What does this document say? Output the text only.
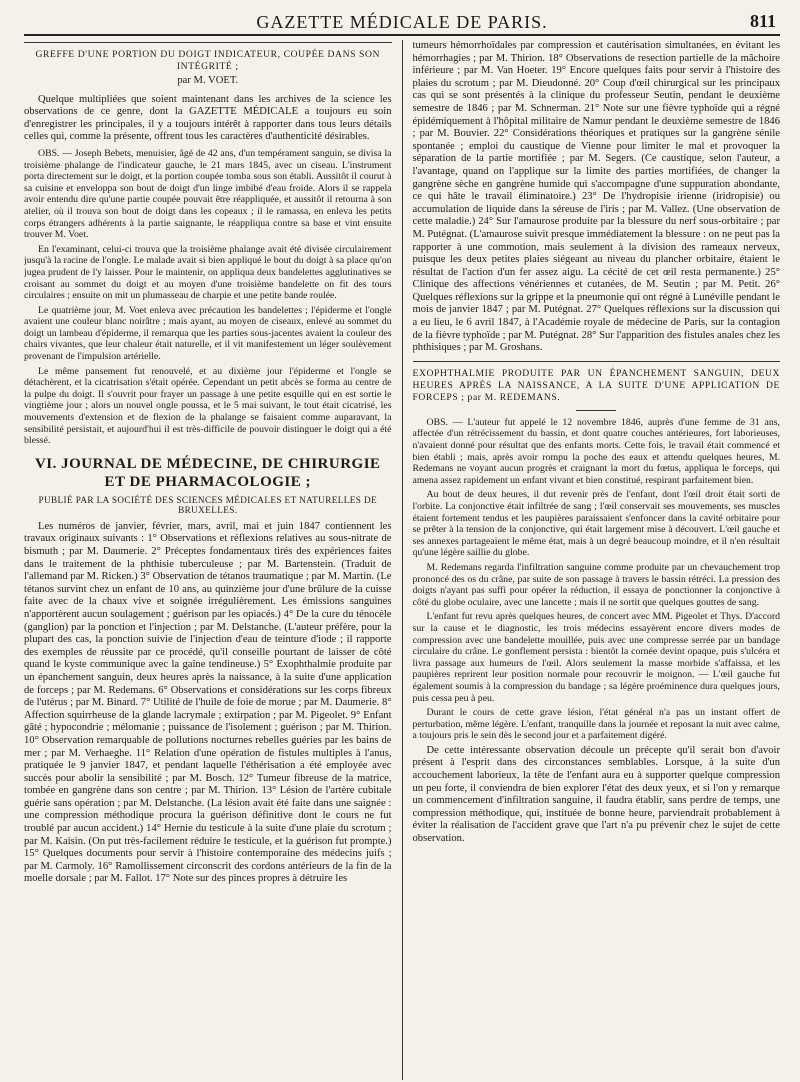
GAZETTE MÉDICALE DE PARIS.	811

GREFFE D'UNE PORTION DU DOIGT INDICATEUR, COUPÉE DANS SON INTÉGRITÉ ;

par M. VOET.

Quelque multipliées que soient maintenant dans les archives de la science les observations de ce genre, dont la GAZETTE MÉDICALE a toujours eu soin d'enregistrer les principales, il y a toujours intérêt à rapporter dans tous leurs détails celles qui, comme la présente, offrent tous les caractères d'authenticité désirables.

OBS. — Joseph Bebets, menuisier, âgé de 42 ans, d'un tempérament sanguin, se divisa la troisième phalange de l'indicateur gauche, le 21 mars 1845, avec un ciseau. L'instrument porta directement sur le doigt, et la portion coupée tomba sous son établi. Aussitôt il courut à sa cuisine et enveloppa son bout de doigt d'un linge imbibé d'eau froide. Alors il se rappela avoir entendu dire qu'une partie coupée pouvait être réappliquée, et aussitôt il retourna à son atelier, où il trouva son bout de doigt dans les copeaux ; il le ramassa, en enleva les petits corps étrangers adhérents à la partie saignante, le réappliqua contre sa base et vint ensuite trouver M. Voet.

En l'examinant, celui-ci trouva que la troisième phalange avait été divisée circulairement jusqu'à la racine de l'ongle. Le malade avait si bien appliqué le bout du doigt à sa place qu'on jugea prudent de l'y laisser. Pour le maintenir, on appliqua deux bandelettes agglutinatives se croisant au sommet du doigt et au moyen d'une troisième bandelette on fit des tours circulaires ; ensuite on mit un plumasseau de charpie et une petite bande roulée.

Le quatrième jour, M. Voet enleva avec précaution les bandelettes ; l'épiderme et l'ongle avaient une couleur blanc noirâtre ; mais ayant, au moyen de ciseaux, enlevé au sommet du doigt un lambeau d'épiderme, il remarqua que les parties sous-jacentes avaient la couleur des chairs vivantes, que leur chaleur était naturelle, et il vit manifestement un léger soulèvement provenant de l'impulsion artérielle.

Le même pansement fut renouvelé, et au dixième jour l'épiderme et l'ongle se détachèrent, et la cicatrisation s'était opérée. Cependant un petit abcès se forma au centre de la pulpe du doigt. Il s'ouvrit pour frayer un passage à une petite esquille qui en est sortie le vingtième jour ; alors un nouvel ongle poussa, et le 5 mai suivant, le tout était cicatrisé, les mouvements d'extension et de flexion de la phalange se faisaient comme auparavant, la sensibilité persistait, et aujourd'hui il est très-difficile de pouvoir distinguer le doigt qui a été blessé.

VI. JOURNAL DE MÉDECINE, DE CHIRURGIE ET DE PHARMACOLOGIE ;
PUBLIÉ PAR LA SOCIÉTÉ DES SCIENCES MÉDICALES ET NATURELLES DE BRUXELLES.

Les numéros de janvier, février, mars, avril, mai et juin 1847 contiennent les travaux originaux suivants : 1° Observations et réflexions relatives au sous-nitrate de bismuth ; par M. Daumerie. 2° Préceptes fondamentaux tirés des expériences faites dans le traitement de la phthisie tuberculeuse ; par M. Bartenstein. (Traduit de l'allemand par M. Ricken.) 3° Observation de tétanos traumatique ; par M. Martin. (Le tétanos survint chez un enfant de 10 ans, au quinzième jour d'une brûlure de la cuisse faite avec de la chaux vive et soignée irrégulièrement. Les émissions sanguines n'apportèrent aucun soulagement ; guérison par les opiacés.) 4° De la cure du ténocèle (ganglion) par la ponction et l'injection ; par M. Delstanche. (L'auteur préfère, pour la plupart des cas, la ponction suivie de l'injection d'eau de teinture d'iode ; il rapporte des exemples de réussite par ce procédé, qu'il conseille pourtant de laisser de côté quand le kyste communique avec la gaîne tendineuse.) 5° Exophthalmie produite par un épanchement sanguin, deux heures après la naissance, à la suite d'une application de forceps ; par M. Redemans. 6° Observations et considérations sur les corps fibreux de l'utérus ; par M. Binard. 7° Utilité de l'huile de foie de morue ; par M. Daumerie. 8° Affection squirrheuse de la glande lacrymale ; extirpation ; par M. Pigeolet. 9° Enfant gâté ; hypocondrie ; mélomanie ; puissance de l'isolement ; guérison ; par M. Thirion. 10° Observation remarquable de pollutions nocturnes rebelles guéries par les bains de mer ; par M. Verhaeghe. 11° Relation d'une opération de fistules multiples à l'anus, pratiquée le 9 janvier 1847, et pendant laquelle l'éthérisation a été employée avec succès pour abolir la sensibilité ; par M. Bosch. 12° Tumeur fibreuse de la matrice, tombée en gangrène dans son centre ; par M. Thirion. 13° Lésion de l'artère cubitale guérie sans opération ; par M. Delstanche. (La lésion avait été faite dans une saignée : une compression méthodique procura la guérison définitive dont le cours ne fut troublé par aucun accident.) 14° Hernie du testicule à la suite d'une plaie du scrotum ; par M. Kaisin. (On put très-facilement réduire le testicule, et la guérison fut prompte.) 15° Quelques documents pour servir à l'histoire contemporaine des médecins juifs ; par M. Carmoly. 16° Ramollissement circonscrit des cordons antérieurs de la fin de la moelle dorsale ; par M. Fallot. 17° Note sur des pinces propres à détruire les

tumeurs hémorrhoïdales par compression et cautérisation simultanées, en évitant les hémorrhagies ; par M. Thirion. 18° Observations de resection partielle de la mâchoire inférieure ; par M. Van Hoeter. 19° Encore quelques faits pour servir à l'histoire des plaies du scrotum ; par M. Dieudonné. 20° Coup d'œil chirurgical sur les principaux cas qui se sont présentés à la clinique du professeur Seutin, pendant le deuxième semestre de 1846 ; par M. Schnerman. 21° Note sur une fièvre typhoïde qui a régné épidémiquement à l'hôpital militaire de Namur pendant le deuxième semestre de 1846 ; par M. Bouvier. 22° Considérations théoriques et pratiques sur la gangrène sénile spontanée ; emploi du caustique de Vienne pour limiter le mal et provoquer la séparation de la partie mortifiée ; par M. Segers. (Ce caustique, selon l'auteur, a l'avantage, quand on l'applique sur la limite des parties mortifiées, de changer la gangrène sèche en gangrène humide qui s'accompagne d'une suppuration abondante, ce qui hâte le travail éliminatoire.) 23° De l'hydropisie irienne (iridropisie) ou accumulation de liquide dans la séreuse de l'iris ; par M. Vallez. (Une observation de cette maladie.) 24° Sur l'amaurose produite par la blessure du nerf sous-orbitaire ; par M. Putégnat. (L'amaurose suivit presque immédiatement la blessure : on ne peut pas la rapporter à une commotion, mais seulement à la division des rameaux nerveux, puisque les deux petites plaies siégeant au niveau du plancher orbitaire, étaient le résultat de l'action d'un fer assez aigu. La cécité de cet œil resta permanente.) 25° Clinique des affections vénériennes et cutanées, de M. Seutin ; par M. Petit. 26° Quelques réflexions sur la grippe et la pneumonie qui ont régné à Lunéville pendant le mois de janvier 1847 ; par M. Putégnat. 27° Quelques réflexions sur la discussion qui a eu lieu, le 6 avril 1847, à l'Académie royale de médecine de Paris, sur la contagion de la fièvre typhoïde ; par M. Putégnat. 28° Sur l'apparition des fistules anales chez les phthisiques ; par M. Groshans.

EXOPHTHALMIE PRODUITE PAR UN ÉPANCHEMENT SANGUIN, DEUX HEURES APRÈS LA NAISSANCE, A LA SUITE D'UNE APPLICATION DE FORCEPS ; par M. REDEMANS.

OBS. — L'auteur fut appelé le 12 novembre 1846, auprès d'une femme de 31 ans, affectée d'un rétrécissement du bassin, et dont quatre couches antérieures, fort laborieuses, n'avaient donné pour résultat que des enfants morts. Cette fois, le travail était commencé et bien établi ; mais, après avoir rompu la poche des eaux et attendu quelques heures, M. Redemans ne voyant aucun progrès et craignant la mort du fœtus, appliqua le forceps, qui amena assez rapidement un enfant vivant et bien constitué, respirant parfaitement bien.

Au bout de deux heures, il dut revenir près de l'enfant, dont l'œil droit était sorti de l'orbite. La conjonctive était infiltrée de sang ; l'œil conservait ses mouvements, ses muscles étaient fortement tendus et les paupières paraissaient s'enfoncer dans la cavité orbitaire pour se prêter à la tension de la conjonctive, qui était largement mise à découvert. L'œil gauche et ses annexes partageaient le même état, mais à un degré beaucoup moindre, et il n'en résultait qu'une légère saillie du globe.

M. Redemans regarda l'infiltration sanguine comme produite par un chevauchement trop prononcé des os du crâne, par suite de son passage à travers le bassin rétréci. La pression des doigts n'ayant pas suffi pour opérer la réduction, il essaya de ponctionner la conjonctive à côté du globe oculaire, avec une lancette ; mais il ne sortit que quelques gouttes de sang.

L'enfant fut revu après quelques heures, de concert avec MM. Pigeolet et Thys. D'accord sur la cause et le diagnostic, les trois médecins essayèrent encore divers modes de compression avec une bandelette mouillée, puis avec une compresse serrée par un bandage circulaire du crâne. Le gonflement persista : bientôt la cornée devint opaque, puis s'ulcéra et livra passage aux humeurs de l'œil. Alors seulement la masse morbide s'affaissa, et les paupières reprirent leur position normale pour recouvrir le moignon. — L'œil gauche fut également soumis à la compression du bandage ; sa légère proéminence dura quelques jours, puis cessa peu à peu.

Durant le cours de cette grave lésion, l'état général n'a pas un instant offert de perturbation, même légère. L'enfant, tranquille dans la journée et reposant la nuit avec calme, a toujours pris le sein dès le second jour et a parfaitement digéré.

De cette intéressante observation découle un précepte qu'il serait bon d'avoir présent à l'esprit dans des circonstances semblables. Lorsque, à la suite d'un accouchement laborieux, la tête de l'enfant aura eu à supporter quelque compression un peu forte, il conviendra de bien explorer l'état des deux yeux, et si l'on y remarque un commencement d'infiltration sanguine, il faudra établir, sans perdre de temps, une compression méthodique, qui, instituée de bonne heure, parviendrait probablement à éviter la réalisation de l'accident grave que l'art n'a pu prévenir chez le sujet de cette observation.
